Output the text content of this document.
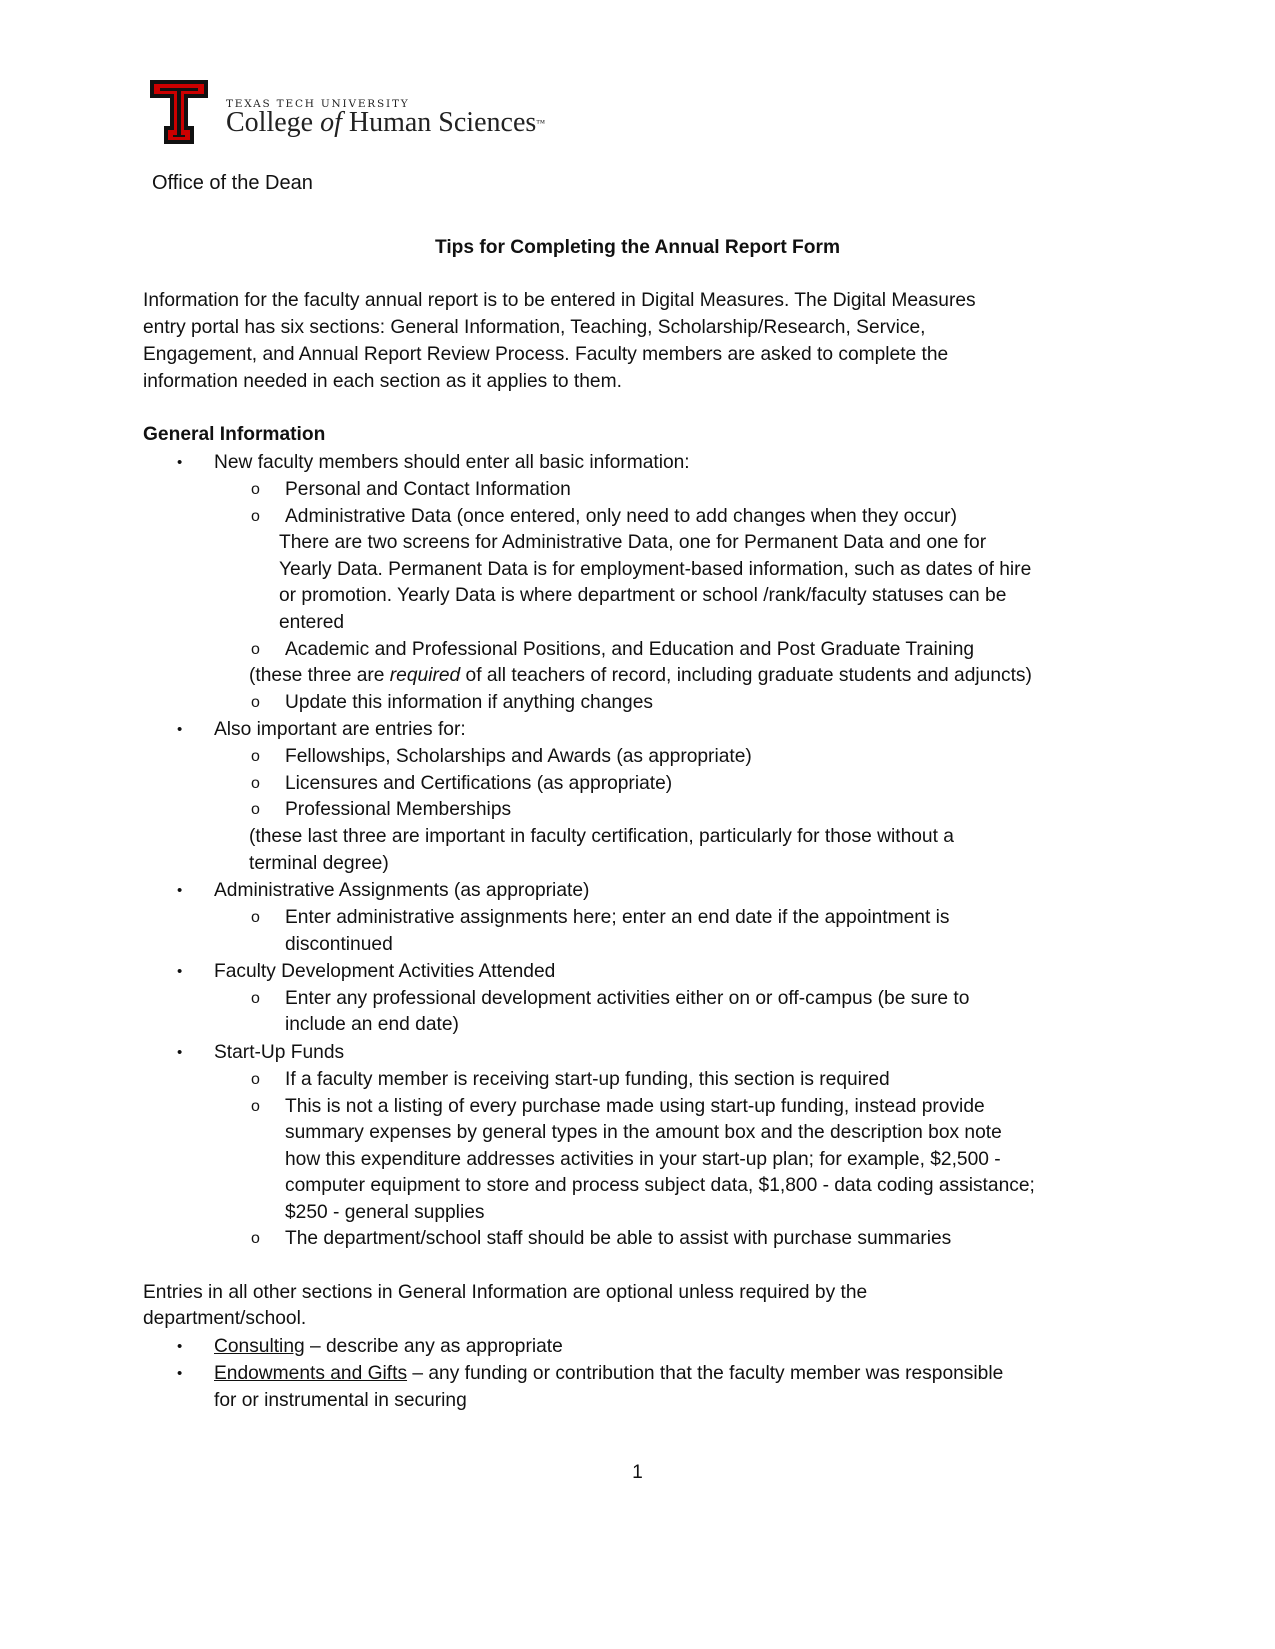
TEXAS TECH UNIVERSITY
College of Human Sciences™
Office of the Dean
Tips for Completing the Annual Report Form
Information for the faculty annual report is to be entered in Digital Measures. The Digital Measures
entry portal has six sections: General Information, Teaching, Scholarship/Research, Service,
Engagement, and Annual Report Review Process. Faculty members are asked to complete the
information needed in each section as it applies to them.
General Information
• New faculty members should enter all basic information:
o Personal and Contact Information
o Administrative Data (once entered, only need to add changes when they occur)
There are two screens for Administrative Data, one for Permanent Data and one for
Yearly Data. Permanent Data is for employment-based information, such as dates of hire
or promotion. Yearly Data is where department or school /rank/faculty statuses can be
entered
o Academic and Professional Positions, and Education and Post Graduate Training
(these three are required of all teachers of record, including graduate students and adjuncts)
o Update this information if anything changes
• Also important are entries for:
o Fellowships, Scholarships and Awards (as appropriate)
o Licensures and Certifications (as appropriate)
o Professional Memberships
(these last three are important in faculty certification, particularly for those without a
terminal degree)
• Administrative Assignments (as appropriate)
o Enter administrative assignments here; enter an end date if the appointment is
discontinued
• Faculty Development Activities Attended
o Enter any professional development activities either on or off-campus (be sure to
include an end date)
• Start-Up Funds
o If a faculty member is receiving start-up funding, this section is required
o This is not a listing of every purchase made using start-up funding, instead provide
summary expenses by general types in the amount box and the description box note
how this expenditure addresses activities in your start-up plan; for example, $2,500 -
computer equipment to store and process subject data, $1,800 - data coding assistance;
$250 - general supplies
o The department/school staff should be able to assist with purchase summaries
Entries in all other sections in General Information are optional unless required by the
department/school.
• Consulting – describe any as appropriate
• Endowments and Gifts – any funding or contribution that the faculty member was responsible
for or instrumental in securing
1
